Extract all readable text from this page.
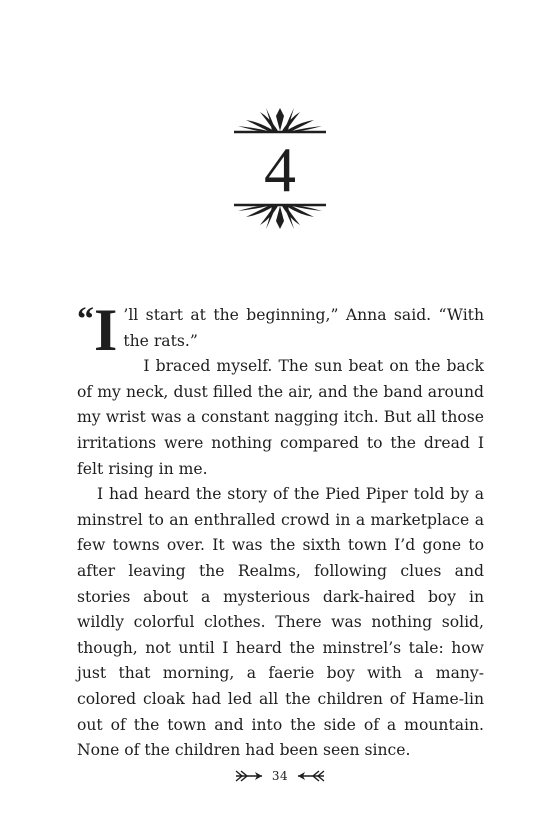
4

“ I ’ll start at the beginning,” Anna said. “With the rats.”

I braced myself. The sun beat on the back of my neck, dust filled the air, and the band around my wrist was a constant nagging itch. But all those irritations were nothing compared to the dread I felt rising in me.

I had heard the story of the Pied Piper told by a minstrel to an enthralled crowd in a marketplace a few towns over. It was the sixth town I’d gone to after leaving the Realms, following clues and stories about a mysterious dark-haired boy in wildly colorful clothes. There was nothing solid, though, not until I heard the minstrel’s tale: how just that morning, a faerie boy with a many-colored cloak had led all the children of Hame-lin out of the town and into the side of a mountain. None of the children had been seen since.

34
